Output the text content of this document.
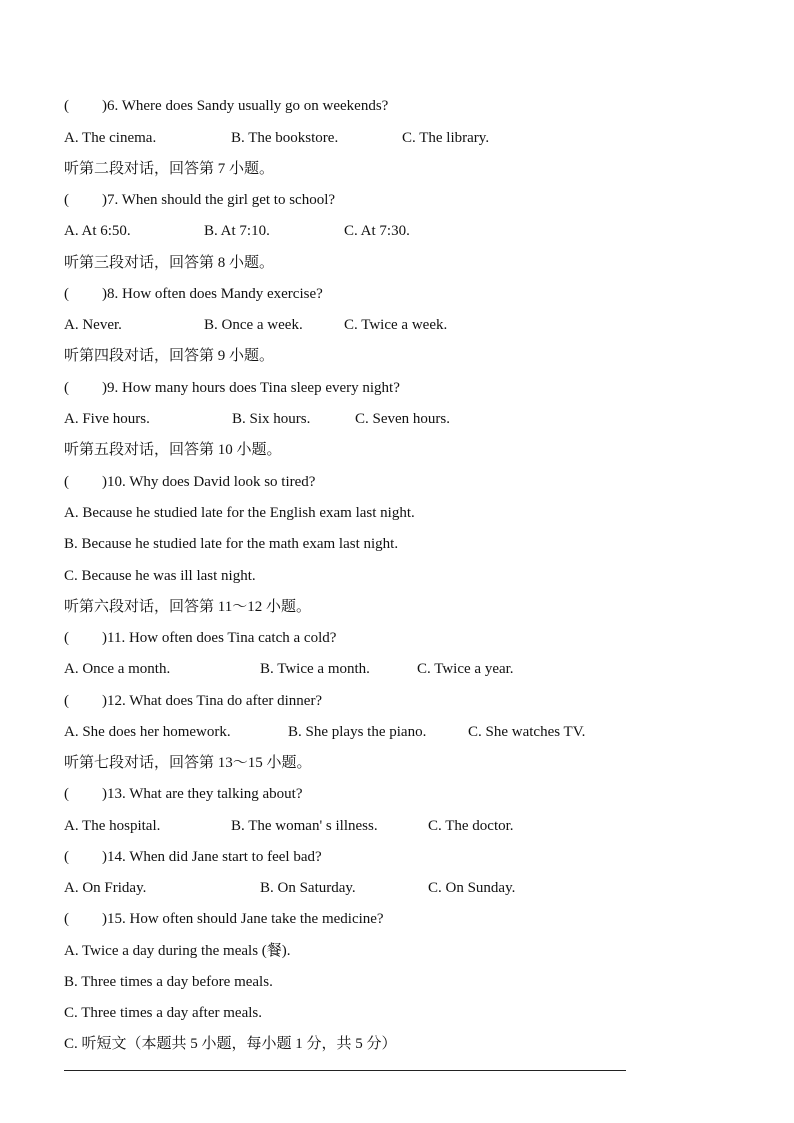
( )6. Where does Sandy usually go on weekends?
A. The cinema.	B. The bookstore.	C. The library.
听第二段对话，回答第 7 小题。
( )7. When should the girl get to school?
A. At 6:50.	B. At 7:10.	C. At 7:30.
听第三段对话，回答第 8 小题。
( )8. How often does Mandy exercise?
A. Never.	B. Once a week.	C. Twice a week.
听第四段对话，回答第 9 小题。
( )9. How many hours does Tina sleep every night?
A. Five hours.	B. Six hours.	C. Seven hours.
听第五段对话，回答第 10 小题。
( )10. Why does David look so tired?
A. Because he studied late for the English exam last night.
B. Because he studied late for the math exam last night.
C. Because he was ill last night.
听第六段对话，回答第 11～12 小题。
( )11. How often does Tina catch a cold?
A. Once a month.	B. Twice a month.	C. Twice a year.
( )12. What does Tina do after dinner?
A. She does her homework.	B. She plays the piano.	C. She watches TV.
听第七段对话，回答第 13～15 小题。
( )13. What are they talking about?
A. The hospital.	B. The woman' s illness.	C. The doctor.
( )14. When did Jane start to feel bad?
A. On Friday.	B. On Saturday.	C. On Sunday.
( )15. How often should Jane take the medicine?
A. Twice a day during the meals (餐).
B. Three times a day before meals.
C. Three times a day after meals.
C. 听短文（本题共 5 小题，每小题 1 分，共 5 分）
